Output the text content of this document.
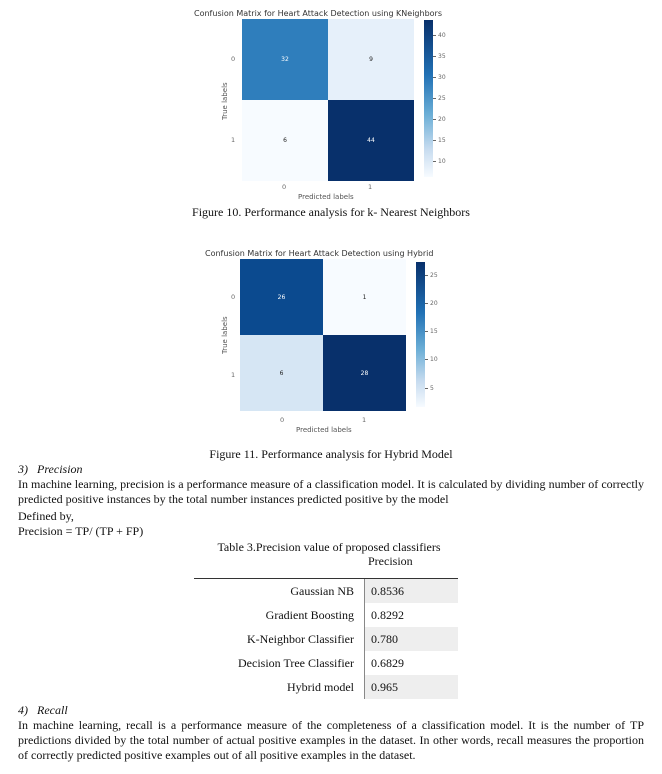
Confusion Matrix for Heart Attack Detection using KNeighbors
True labels
0
1
32	9
6	44
0	1
Predicted labels
40
35
30
25
20
15
10
Figure 10. Performance analysis for k- Nearest Neighbors
Confusion Matrix for Heart Attack Detection using Hybrid
True labels
0
1
26	1
6	28
0	1
Predicted labels
25
20
15
10
5
Figure 11. Performance analysis for Hybrid Model
3)   Precision
In machine learning, precision is a performance measure of a classification model. It is calculated by dividing number of correctly predicted positive instances by the total number instances predicted positive by the model
Defined by,
Precision = TP/ (TP + FP)
Table 3.Precision value of proposed classifiers
Precision
Gaussian NB	0.8536
Gradient Boosting	0.8292
K-Neighbor Classifier	0.780
Decision Tree Classifier	0.6829
Hybrid model	0.965
4)   Recall
In machine learning, recall is a performance measure of the completeness of a classification model. It is the number of TP predictions divided by the total number of actual positive examples in the dataset. In other words, recall measures the proportion of correctly predicted positive examples out of all positive examples in the dataset.
